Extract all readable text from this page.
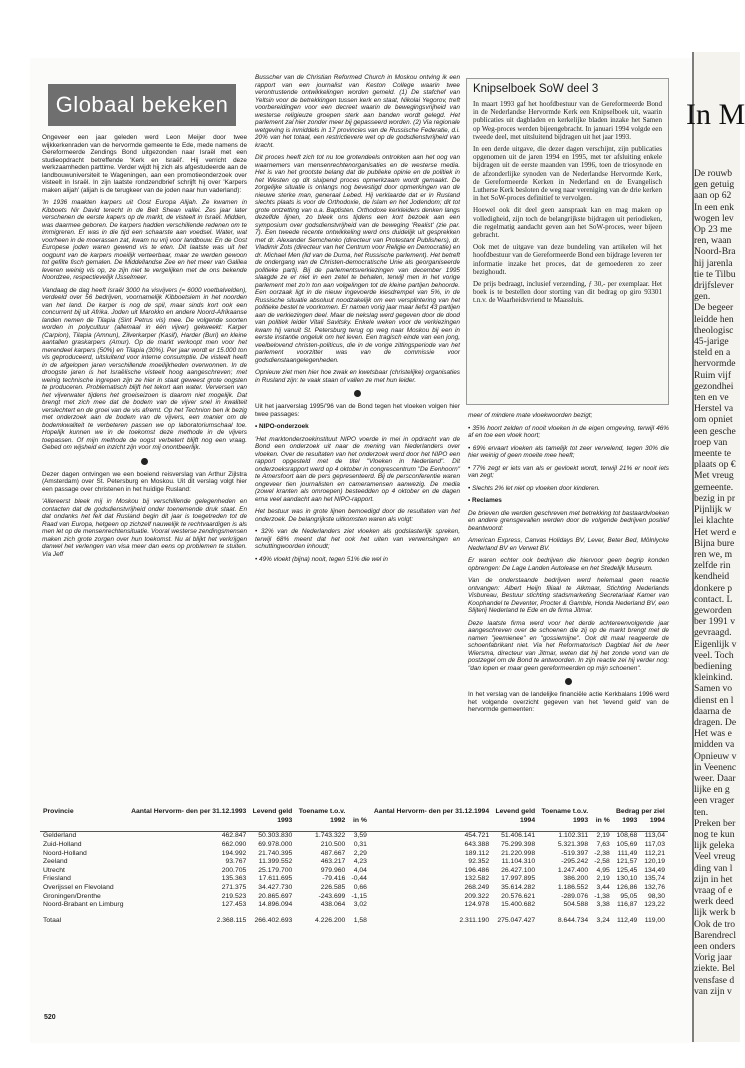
Globaal bekeken

Ongeveer een jaar geleden werd Leon Meijer door twee wijkkerkenraden van de hervormde gemeente te Ede, mede namens de Gereformeerde Zendings Bond uitgezonden naar Israël met een studieopdracht betreffende 'Kerk en Israël'. Hij verricht deze werkzaamheden parttime. Verder wijdt hij zich als afgestudeerde aan de landbouwuniversiteit te Wageningen, aan een promotieonderzoek over visteelt in Israël. In zijn laatste rondzendbrief schrijft hij over 'Karpers maken alijah' (alijah is de terugkeer van de joden naar hun vaderland):

'In 1936 maakten karpers uit Oost Europa Alijah. Ze kwamen in Kibboets Nir David terecht in de Beit Shean vallei. Zes jaar later verschenen de eerste kapers op de markt, de visteelt in Israël. Midden, was daarmee geboren. De karpers hadden verschillende redenen om te immigreren. Er was in die tijd een schaarste aan voedsel. Water, wat voorheen in de moerassen zat, kwam nu vrij voor landbouw. En de Oost Europese joden waren gewend vis te eten. Dit laatste was uit het oogpunt van de karpers moeilijk verteerbaar, maar ze werden gewoon tot gefilte fisch gemalen. De Middellandse Zee en het meer van Galilea leveren weinig vis op, ze zijn niet te vergelijken met de ons bekende Noordzee, respectievelijk IJsselmeer.

Vandaag de dag heeft Israël 3000 ha visvijvers (= 6000 voetbalvelden), verdeeld over 56 bedrijven, voornamelijk Kibboetsiem in het noorden van het land. De karper is nog de spil, maar sinds kort ook een concurrent bij uit Afrika. Joden uit Marokko en andere Noord-Afrikaanse landen nemen de Tilapia (Sint Petrus vis) mee. De volgende soorten worden in polycultuur (allemaal in één vijver) gekweekt: Karper (Carpion), Tilapia (Amnun), Zilverkarper (Kasif), Harder (Buri) en kleine aantallen graskarpers (Amur). Op de markt verkoopt men voor het merendeel karpers (50%) en Tilapia (30%). Per jaar wordt er 15.000 ton vis geproduceerd, uitsluitend voor interne consumptie. De visteelt heeft in de afgelopen jaren verschillende moeilijkheden overwonnen. In de droogste jaren is het Israëlische visteelt hoog aangeschreven; met weinig technische ingrepen zijn ze hier in staat geweest grote oogsten te produceren. Problematisch blijft het tekort aan water. Verversen van het vijverwater tijdens het groeiseizoen is daarom niet mogelijk. Dat brengt met zich mee dat de bodem van de vijver snel in kwaliteit verslechtert en de groei van de vis afremt. Op het Technion ben ik bezig met onderzoek aan de bodem van de vijvers, een manier om de bodemkwaliteit te verbeteren passen we op laboratoriumschaal toe. Hopelijk kunnen we in de toekomst deze methode in de vijvers toepassen. Of mijn methode de oogst verbetert blijft nog een vraag. Gebed om wijsheid en inzicht zijn voor mij onontbeerlijk.

Dezer dagen ontvingen we een boeiend reisverslag van Arthur Zijlstra (Amsterdam) over St. Petersburg en Moskou. Uit dit verslag volgt hier een passage over christenen in het huidige Rusland:

'Allereerst bleek mij in Moskou bij verschillende gelegenheden en contacten dat de godsdienstvrijheid onder toenemende druk staat. En dat ondanks het feit dat Rusland begin dit jaar is toegetreden tot de Raad van Europa, hetgeen op zichzelf nauwelijk te rechtvaardigen is als men let op de mensenrechtensituatie. Vooral westerse zendingsmensen maken zich grote zorgen over hun toekomst. Nu al blijkt het verkrijgen danwel het verlengen van visa meer dan eens op problemen te stuiten. Via Jeff

Busscher van de Christian Reformed Church in Moskou ontving ik een rapport van een journalist van Keston College waarin twee verontrustende ontwikkelingen worden gemeld. (1) De stafchef van Yeltsin voor de betrekkingen tussen kerk en staat, Nikolai Yegorov, treft voorbereidingen voor een decreet waarin de bewegingsvrijheid van westerse religieuze groepen sterk aan banden wordt gelegd. Het parlement zal hier zonder meer bij gepasseerd worden. (2) Via regionale wetgeving is inmiddels in 17 provincies van de Russische Federatie, d.i. 20% van het totaal, een restrictievere wet op de godsdienstvrijheid van kracht.

Dit proces heeft zich tot nu toe grotendeels ontrokken aan het oog van waarnemers van mensenrechtenorganisaties en de westerse media. Het is van het grootste belang dat de publieke opinie en de politiek in het Westen op dit sluipend proces opmerkzaam wordt gemaakt. De zorgelijke situatie is onlangs nog bevestigd door opmerkingen van de nieuwe sterke man, generaal Lebed. Hij verklaarde dat er in Rusland slechts plaats is voor de Orthodoxie, de Islam en het Jodendom; dit tot grote ontzetting van o.a. Baptisten. Orthodoxe kerkleiders denken langs dezelfde lijnen, zo bleek ons tijdens een kort bezoek aan een symposium over godsdienstvrijheid van de beweging 'Realist' (zie par. 7). Een tweede recente ontwikkeling werd ons duidelijk uit gesprekken met dr. Alexander Semchenko (directeur van Protestant Publishers), dr. Vladimir Zots (directeur van het Centrum voor Religie en Democratie) en dr. Michael Men (lid van de Duma, het Russische parlement). Het betreft de ondergang van de Christen-democratische Unie als georganiseerde politieke partij. Bij de parlementsverkiezingen van december 1995 slaagde ze er niet in een zetel te behalen, terwijl men in het vorige parlement met zo'n ton aan volgelingen tot de kleine partijen behoorde. Een oorzaak ligt in de nieuw ingevoerde kiesdrempel van 5%, in de Russische situatie absoluut noodzakelijk om een versplintering van het politieke bestel te voorkomen. Er namen vorig jaar maar liefst 43 partijen aan de verkiezingen deel. Maar de nekslag werd gegeven door de dood van politiek leider Vitali Savitsky. Enkele weken voor de verkiezingen kwam hij vanuit St. Petersburg terug op weg naar Moskou bij een in eerste instantie ongeluk om het leven. Een tragisch einde van een jong, veelbelovend christen-politicus, die in de vorige zittingsperiode van het parlement voorzitter was van de commissie voor godsdienstaangelegenheden.

Opnieuw ziet men hier hoe zwak en kwetsbaar (christelijke) organisaties in Rusland zijn: te vaak staan of vallen ze met hun leider.

Uit het jaarverslag 1995/'96 van de Bond tegen het vloeken volgen hier twee passages:

• NIPO-onderzoek

'Het marktonderzoekinstituut NIPO voerde in mei in opdracht van de Bond een onderzoek uit naar de mening van Nederlanders over vloeken. Over de resultaten van het onderzoek werd door het NIPO een rapport opgesteld met de titel "Vloeken in Nederland". Dit onderzoeksrapport werd op 4 oktober in congrescentrum "De Eenhoorn" te Amersfoort aan de pers gepresenteerd. Bij de persconferentie waren ongeveer tien journalisten en cameramensen aanwezig. De media (zowel kranten als omroepen) besteedden op 4 oktober en de dagen erna veel aandacht aan het NIPO-rapport.

Het bestuur was in grote lijnen bemoedigd door de resultaten van het onderzoek. De belangrijkste uitkomsten waren als volgt:

• 32% van de Nederlanders ziet vloeken als godslasterlijk spreken, terwijl 68% meent dat het ook het uiten van verwensingen en schuttingwoorden inhoudt;

• 49% vloekt (bijna) nooit, tegen 51% die wel in

Knipselboek SoW deel 3

In maart 1993 gaf het hoofdbestuur van de Gereformeerde Bond in de Nederlandse Hervormde Kerk een Knipselboek uit, waarin publicaties uit dagbladen en kerkelijke bladen inzake het Samen op Weg-proces werden bijeengebracht. In januari 1994 volgde een tweede deel, met uitsluitend bijdragen uit het jaar 1993.

In een derde uitgave, die dezer dagen verschijnt, zijn publicaties opgenomen uit de jaren 1994 en 1995, met ter afsluiting enkele bijdragen uit de eerste maanden van 1996, toen de triosynode en de afzonderlijke synoden van de Nederlandse Hervormde Kerk, de Gereformeerde Kerken in Nederland en de Evangelisch Lutherse Kerk besloten de weg naar vereniging van de drie kerken in het SoW-proces definitief te vervolgen.

Hoewel ook dit deel geen aanspraak kan en mag maken op volledigheid, zijn toch de belangrijkste bijdragen uit periodieken, die regelmatig aandacht geven aan het SoW-proces, weer bijeen gebracht.

Ook met de uitgave van deze bundeling van artikelen wil het hoofdbestuur van de Gereformeerde Bond een bijdrage leveren ter informatie inzake het proces, dat de gemoederen zo zeer bezighoudt.

De prijs bedraagt, inclusief verzending, ƒ 30,- per exemplaar. Het boek is te bestellen door storting van dit bedrag op giro 93301 t.n.v. de Waarheidsvriend te Maassluis.

meer of mindere mate vloekwoorden bezigt;

• 35% hoort zelden of nooit vloeken in de eigen omgeving, terwijl 46% af en toe een vloek hoort;

• 69% ervaart vloeken als tamelijk tot zeer vervelend, tegen 30% die hier weinig of geen moeite mee heeft;

• 77% zegt er iets van als er gevloekt wordt, terwijl 21% er nooit iets van zegt;

• Slechts 2% let niet op vloeken door kinderen.

• Reclames

De brieven die werden geschreven met betrekking tot bastaardvloeken en andere grensgevallen werden door de volgende bedrijven positief beantwoord:

American Express, Canvas Holidays BV, Lever, Beter Bed, Mölnlycke Nederland BV en Verwet BV.

Er waren echter ook bedrijven die hiervoor geen begrip konden opbrengen: De Lage Landen Autolease en het Stedelijk Museum.

Van de onderstaande bedrijven werd helemaal geen reactie ontvangen: Albert Heijn filiaal te Alkmaar, Stichting Nederlands Visbureau, Bestuur stichting stadsmarketing Secretariaat Kamer van Koophandel te Deventer, Procter & Gamble, Honda Nederland BV, een Slijterij Nederland te Ede en de firma Jitmar.

Deze laatste firma werd voor het derde achtereenvolgende jaar aangeschreven over de schoenen die zij op de markt brengt met de namen "jeemienee" en "gossiemijne". Ook dit maal reageerde de schoenfabrikant niet. Via het Reformatorisch Dagblad liet de heer Wiersma, directeur van Jitmar, weten dat hij het zonde vond van de postzegel om de Bond te antwoorden. In zijn reactie zei hij verder nog: "dan lopen er maar geen gereformeerden op mijn schoenen".

In het verslag van de landelijke financiële actie Kerkbalans 1996 werd het volgende overzicht gegeven van het 'levend geld' van de hervormde gemeenten:

Provincie	Aantal Hervorm- den per 31.12.1993	Levend geld	Toename t.o.v.		Aantal Hervorm- den per 31.12.1994	Levend geld	Toename t.o.v.		Bedrag per ziel	
		1993	1992	in %		1994	1993	in %	1993	1994
Gelderland	462.847	50.303.830	1.743.322	3,59	454.721	51.406.141	1.102.311	2,19	108,68	113,04
Zuid-Holland	662.090	69.978.000	210.500	0,31	643.388	75.299.398	5.321.398	7,63	105,69	117,03
Noord-Holland	194.992	21.740.395	487.667	2,29	189.112	21.220.998	-519.397	-2,38	111,49	112,21
Zeeland	93.767	11.399.552	463.217	4,23	92.352	11.104.310	-295.242	-2,58	121,57	120,19
Utrecht	200.705	25.179.700	979.960	4,04	196.486	26.427.100	1.247.400	4,95	125,45	134,49
Friesland	135.363	17.611.695	-79.416	-0,44	132.582	17.997.895	386.200	2,19	130,10	135,74
Overijssel en Flevoland	271.375	34.427.730	226.585	0,66	268.249	35.614.282	1.186.552	3,44	126,86	132,76
Groningen/Drenthe	219.523	20.865.697	-243.699	-1,15	209.322	20.576.621	-289.076	-1,38	95,05	98,30
Noord-Brabant en Limburg	127.453	14.896.094	438.064	3,02	124.978	15.400.682	504.588	3,38	116,87	123,22
Totaal	2.368.115	266.402.693	4.226.200	1,58	2.311.190	275.047.427	8.644.734	3,24	112,49	119,00
520
In M
De rouwb
gen getuig
aan op 62
In een enk
wogen lev
Op 23 me
ren, waan
Noord-Bra
hij jarenla
tie te Tilbu
drijfslever
gen.
De begeer
leidde hen
theologisc
45-jarige
steld en a
hervormde
Ruim vijf
gezondhei
ten en ve
Herstel va
om opniet
een gesche
roep van
meente te
plaats op €
Met vreug
gemeente.
bezig in pr
Pijnlijk w
lei klachte
Het werd e
Bijna bure
ren we, m
zelfde rin
kendheid
donkere p
contact. L
geworden
ber 1991 v
gevraagd.
Eigenlijk v
veel. Toch
bediening
kleinkind.
Samen vo
dienst en l
daarna de
dragen. De
Het was e
midden va
Opnieuw v
in Veenenc
weer. Daar
lijke en g
een vrager
ten.
Preken ber
nog te kun
lijk geleka
Veel vreug
ding van l
zijn in het
vraag of e
werk deed
lijk werk b
Ook de tro
Barendrecl
een onders
Vorig jaar
ziekte. Bel
vensfase d
van zijn v
